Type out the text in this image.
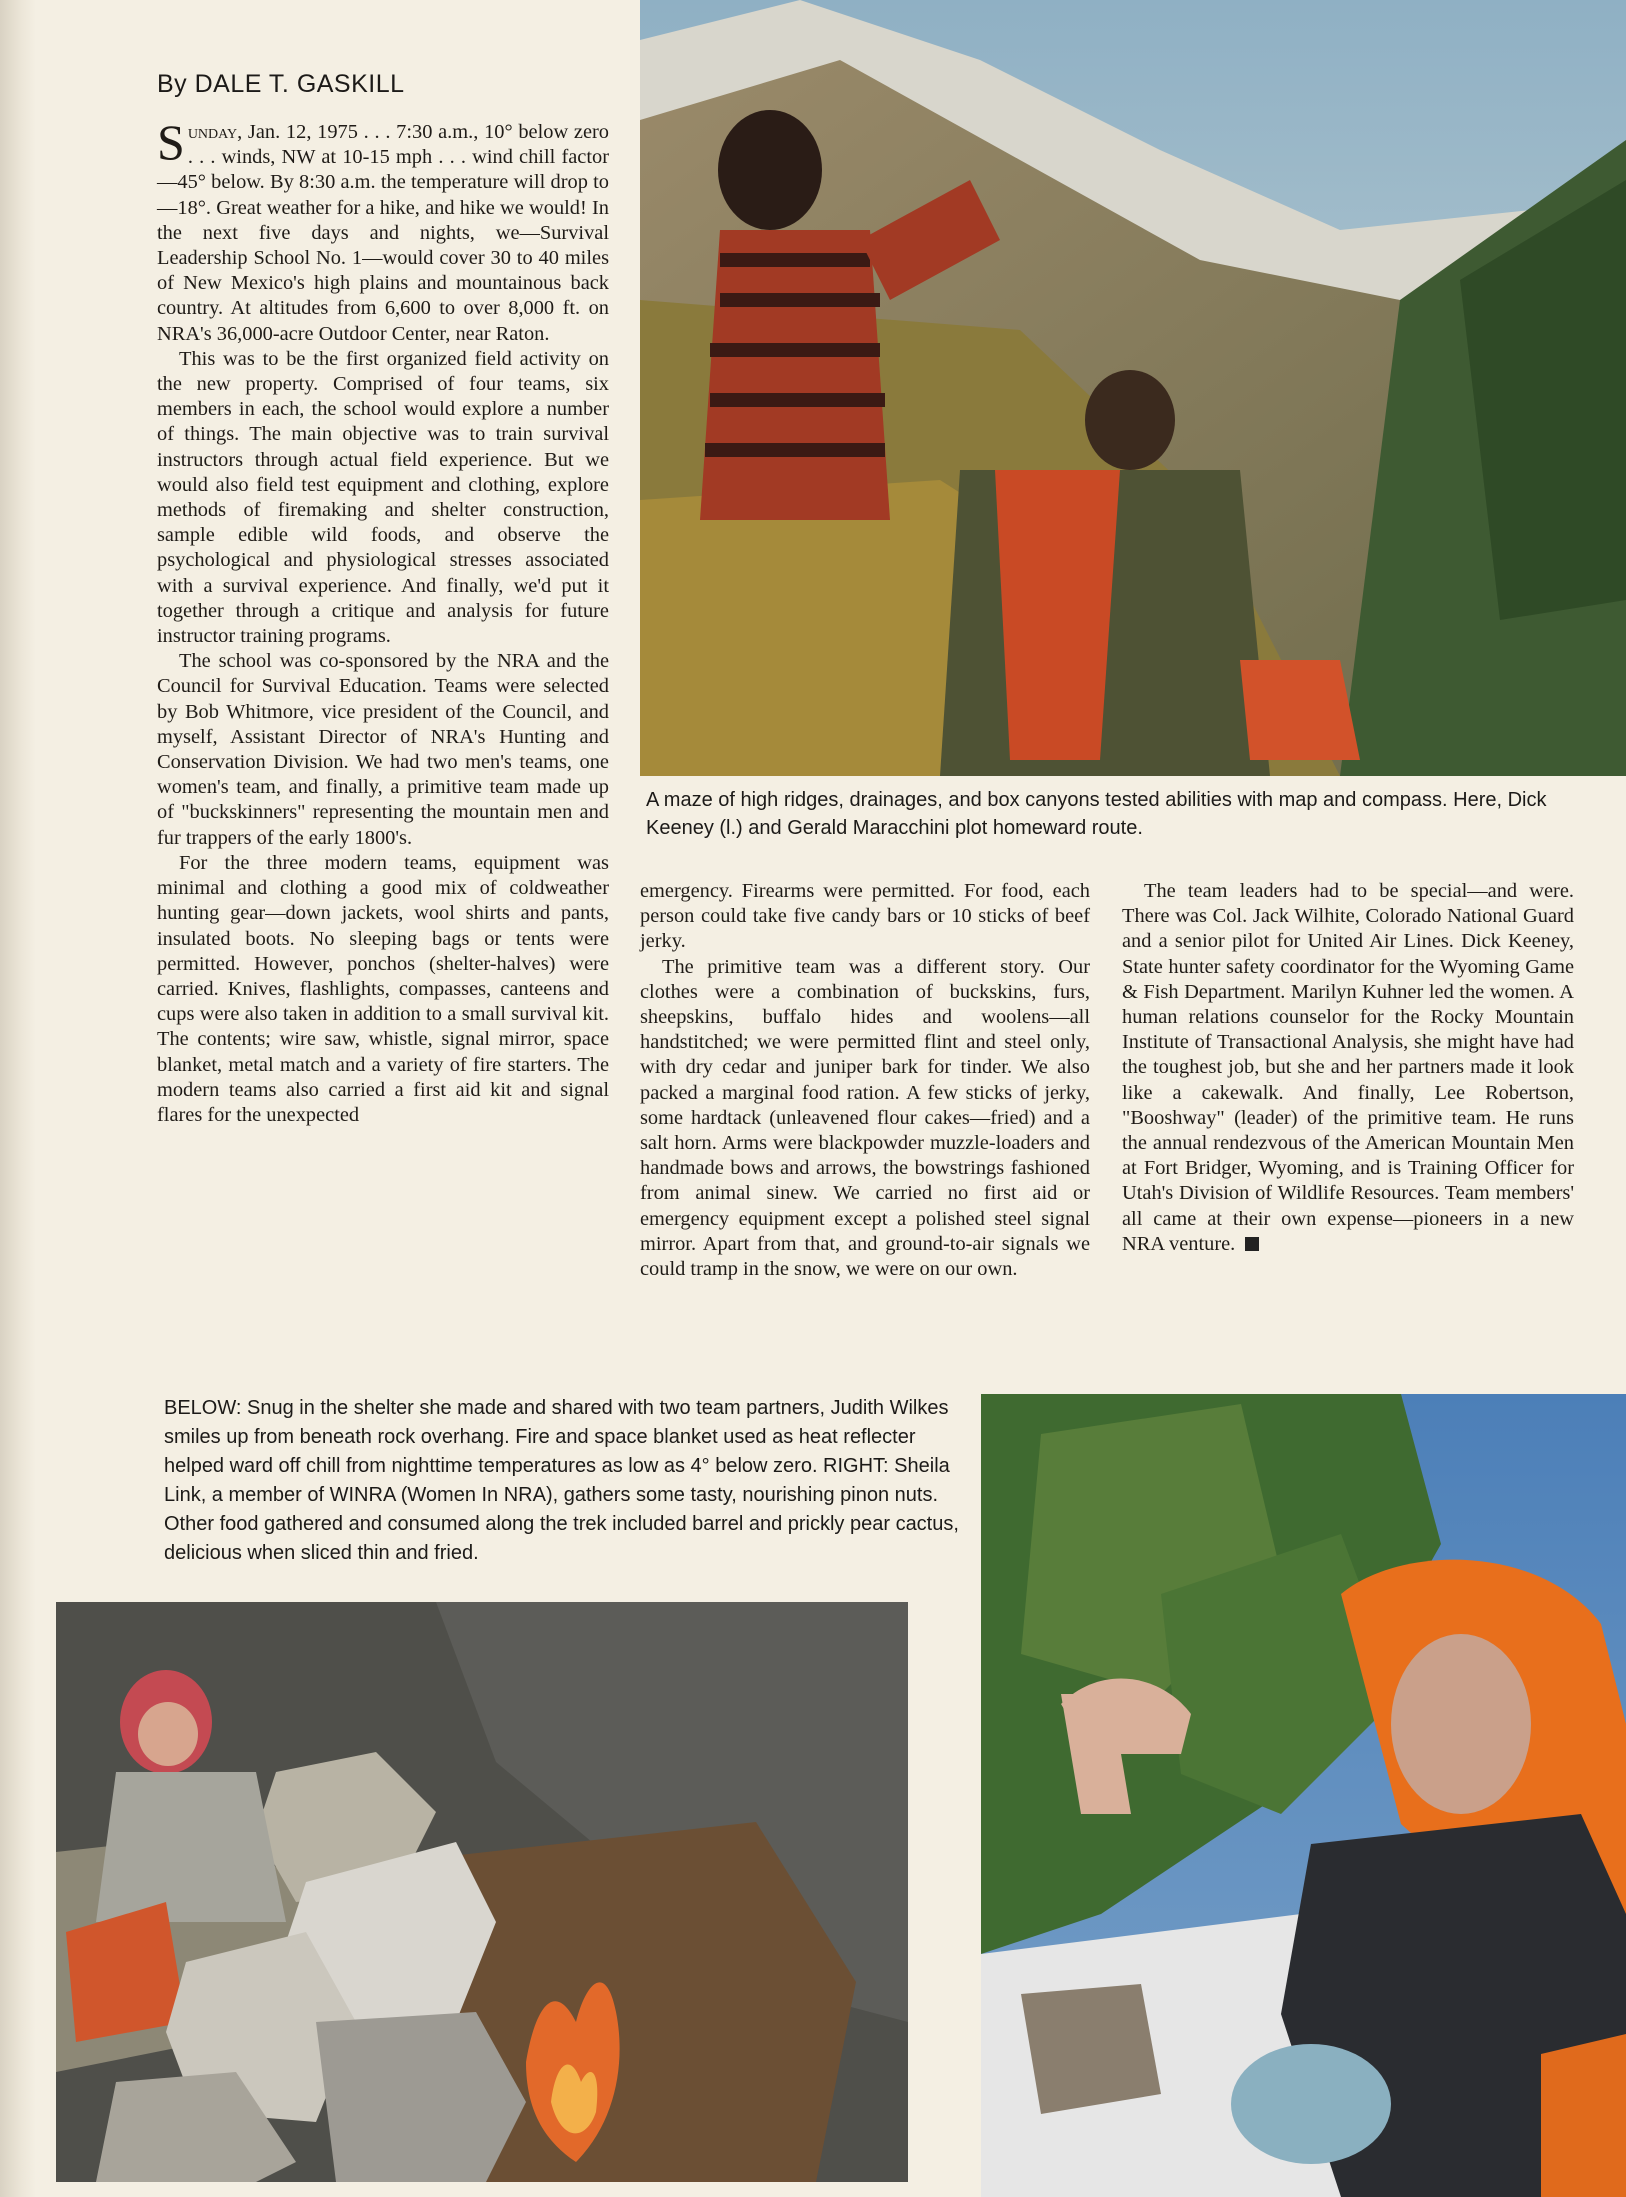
By DALE T. GASKILL

Sunday, Jan. 12, 1975 . . . 7:30 a.m., 10° below zero . . . winds, NW at 10-15 mph . . . wind chill factor —45° below. By 8:30 a.m. the temperature will drop to —18°. Great weather for a hike, and hike we would! In the next five days and nights, we—Survival Leadership School No. 1—would cover 30 to 40 miles of New Mexico's high plains and mountainous back country. At altitudes from 6,600 to over 8,000 ft. on NRA's 36,000-acre Outdoor Center, near Raton.

This was to be the first organized field activity on the new property. Comprised of four teams, six members in each, the school would explore a number of things. The main objective was to train survival instructors through actual field experience. But we would also field test equipment and clothing, explore methods of firemaking and shelter construction, sample edible wild foods, and observe the psychological and physiological stresses associated with a survival experience. And finally, we'd put it together through a critique and analysis for future instructor training programs.

The school was co-sponsored by the NRA and the Council for Survival Education. Teams were selected by Bob Whitmore, vice president of the Council, and myself, Assistant Director of NRA's Hunting and Conservation Division. We had two men's teams, one women's team, and finally, a primitive team made up of "buckskinners" representing the mountain men and fur trappers of the early 1800's.

For the three modern teams, equipment was minimal and clothing a good mix of coldweather hunting gear—down jackets, wool shirts and pants, insulated boots. No sleeping bags or tents were permitted. However, ponchos (shelter-halves) were carried. Knives, flashlights, compasses, canteens and cups were also taken in addition to a small survival kit. The contents; wire saw, whistle, signal mirror, space blanket, metal match and a variety of fire starters. The modern teams also carried a first aid kit and signal flares for the unexpected

A maze of high ridges, drainages, and box canyons tested abilities with map and compass. Here, Dick Keeney (l.) and Gerald Maracchini plot homeward route.

emergency. Firearms were permitted. For food, each person could take five candy bars or 10 sticks of beef jerky.

The primitive team was a different story. Our clothes were a combination of buckskins, furs, sheepskins, buffalo hides and woolens—all handstitched; we were permitted flint and steel only, with dry cedar and juniper bark for tinder. We also packed a marginal food ration. A few sticks of jerky, some hardtack (unleavened flour cakes—fried) and a salt horn. Arms were blackpowder muzzle-loaders and handmade bows and arrows, the bowstrings fashioned from animal sinew. We carried no first aid or emergency equipment except a polished steel signal mirror. Apart from that, and ground-to-air signals we could tramp in the snow, we were on our own.

The team leaders had to be special—and were. There was Col. Jack Wilhite, Colorado National Guard and a senior pilot for United Air Lines. Dick Keeney, State hunter safety coordinator for the Wyoming Game & Fish Department. Marilyn Kuhner led the women. A human relations counselor for the Rocky Mountain Institute of Transactional Analysis, she might have had the toughest job, but she and her partners made it look like a cakewalk. And finally, Lee Robertson, "Booshway" (leader) of the primitive team. He runs the annual rendezvous of the American Mountain Men at Fort Bridger, Wyoming, and is Training Officer for Utah's Division of Wildlife Resources. Team members' all came at their own expense—pioneers in a new NRA venture.

BELOW: Snug in the shelter she made and shared with two team partners, Judith Wilkes smiles up from beneath rock overhang. Fire and space blanket used as heat reflecter helped ward off chill from nighttime temperatures as low as 4° below zero. RIGHT: Sheila Link, a member of WINRA (Women In NRA), gathers some tasty, nourishing pinon nuts. Other food gathered and consumed along the trek included barrel and prickly pear cactus, delicious when sliced thin and fried.
